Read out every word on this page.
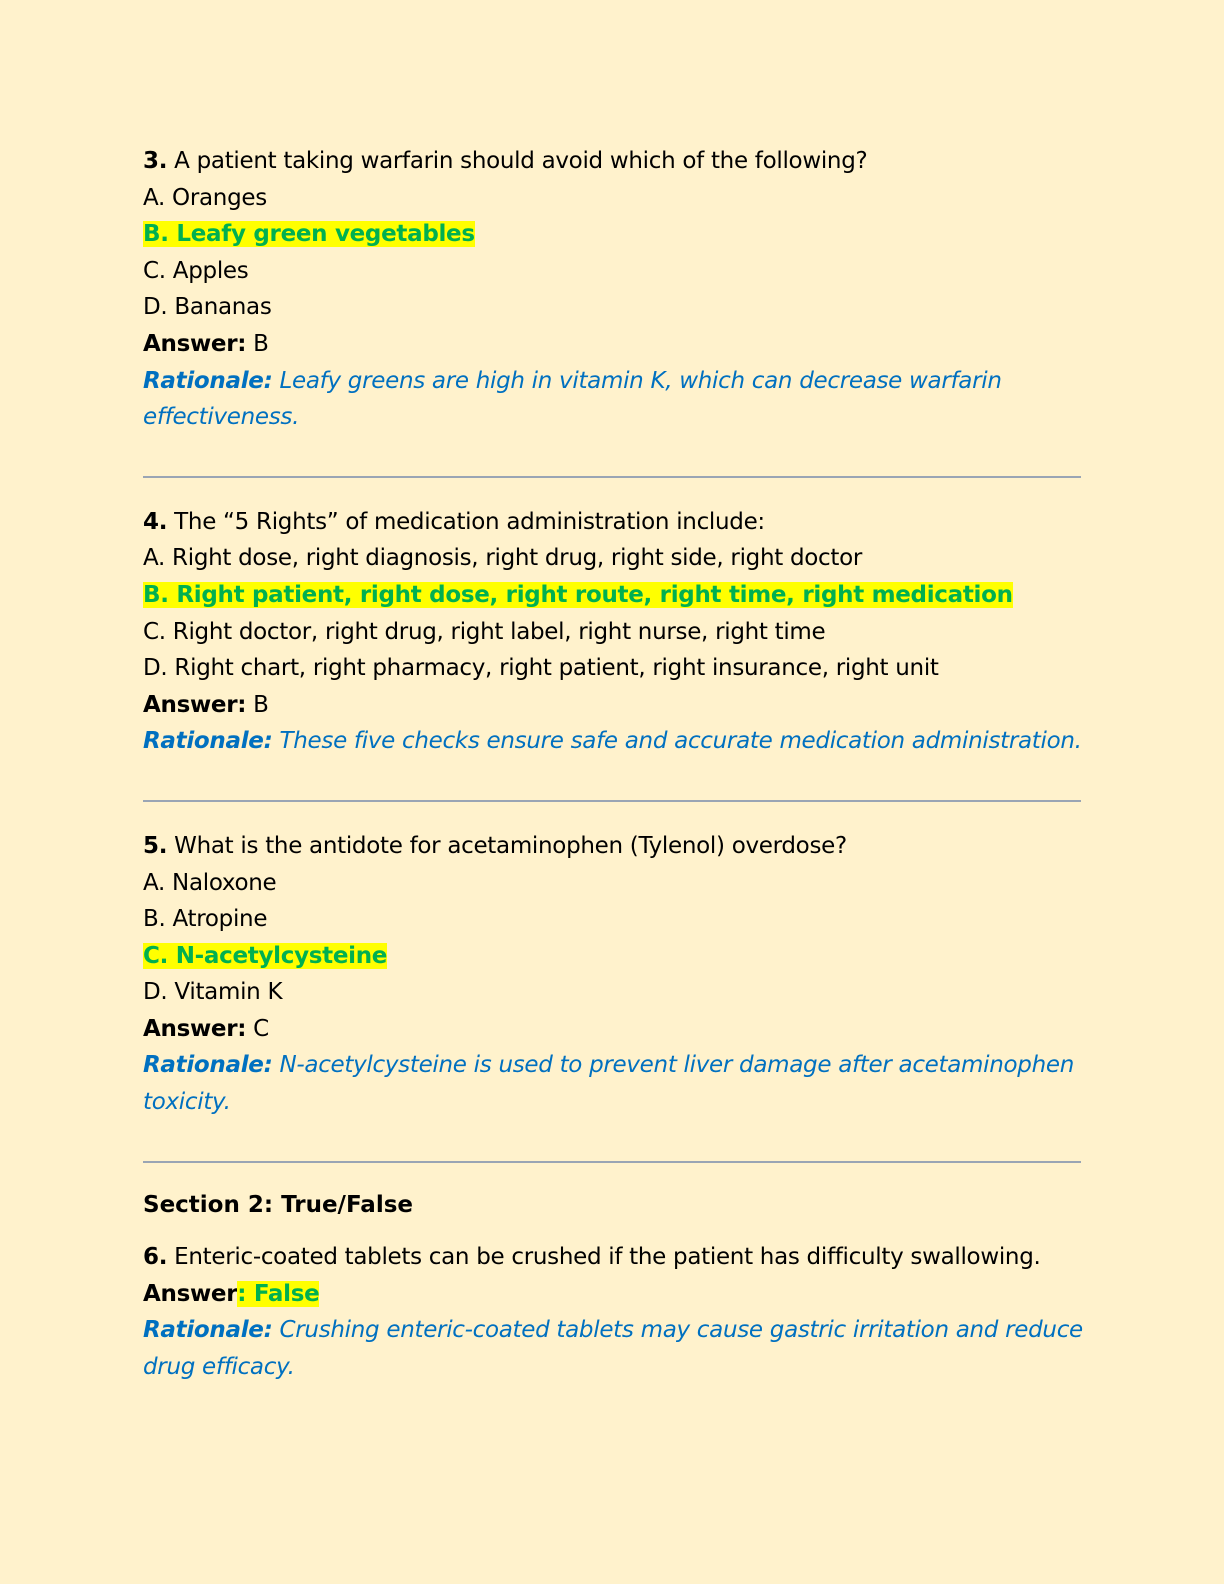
3. A patient taking warfarin should avoid which of the following?
A. Oranges
B. Leafy green vegetables
C. Apples
D. Bananas
Answer: B
Rationale: Leafy greens are high in vitamin K, which can decrease warfarin effectiveness.
4. The “5 Rights” of medication administration include:
A. Right dose, right diagnosis, right drug, right side, right doctor
B. Right patient, right dose, right route, right time, right medication
C. Right doctor, right drug, right label, right nurse, right time
D. Right chart, right pharmacy, right patient, right insurance, right unit
Answer: B
Rationale: These five checks ensure safe and accurate medication administration.
5. What is the antidote for acetaminophen (Tylenol) overdose?
A. Naloxone
B. Atropine
C. N-acetylcysteine
D. Vitamin K
Answer: C
Rationale: N-acetylcysteine is used to prevent liver damage after acetaminophen toxicity.
Section 2: True/False
6. Enteric-coated tablets can be crushed if the patient has difficulty swallowing.
Answer: False
Rationale: Crushing enteric-coated tablets may cause gastric irritation and reduce drug efficacy.
